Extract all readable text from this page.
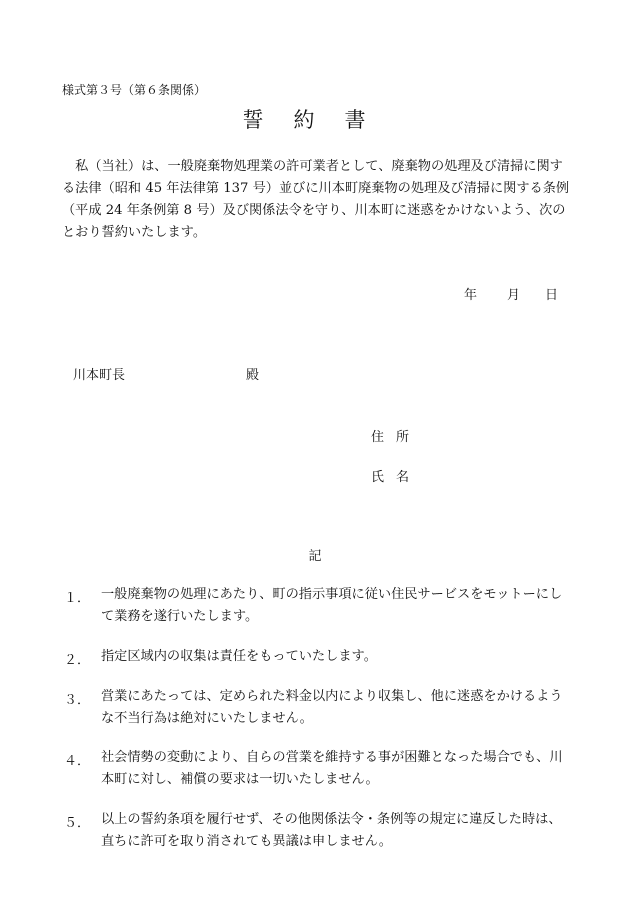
様式第３号（第６条関係）
誓約書
　私（当社）は、一般廃棄物処理業の許可業者として、廃棄物の処理及び清掃に関す
る法律（昭和 45 年法律第 137 号）並びに川本町廃棄物の処理及び清掃に関する条例
（平成 24 年条例第 8 号）及び関係法令を守り、川本町に迷惑をかけないよう、次の
とおり誓約いたします。
年 月 日
川本町長	殿
住所
氏名
記
１． 一般廃棄物の処理にあたり、町の指示事項に従い住民サービスをモットーにし
て業務を遂行いたします。
２． 指定区域内の収集は責任をもっていたします。
３． 営業にあたっては、定められた料金以内により収集し、他に迷惑をかけるよう
な不当行為は絶対にいたしません。
４． 社会情勢の変動により、自らの営業を維持する事が困難となった場合でも、川
本町に対し、補償の要求は一切いたしません。
５． 以上の誓約条項を履行せず、その他関係法令・条例等の規定に違反した時は、
直ちに許可を取り消されても異議は申しません。
